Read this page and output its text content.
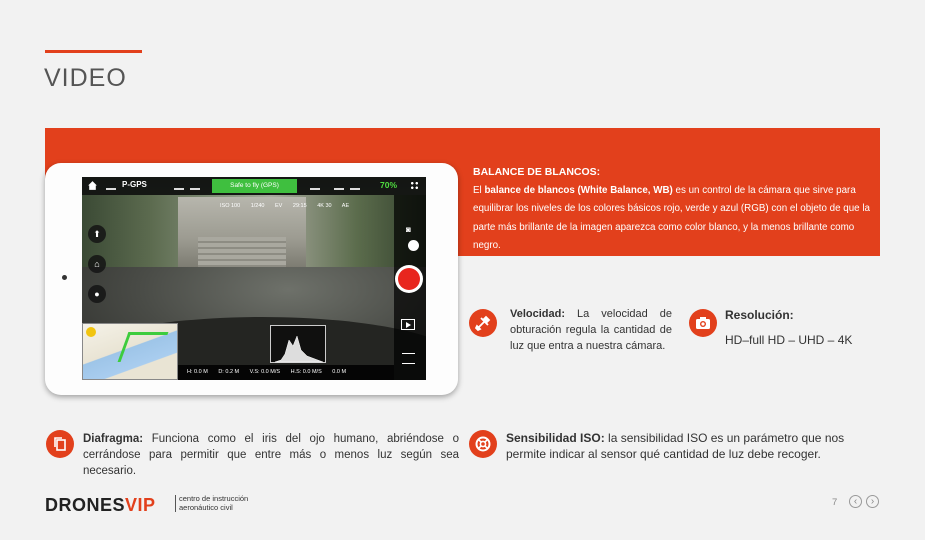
VIDEO
BALANCE DE BLANCOS:
El balance de blancos (White Balance, WB) es un control de la cámara que sirve para equilibrar los niveles de los colores básicos rojo, verde y azul (RGB) con el objeto de que la parte más brillante de la imagen aparezca como color blanco, y la menos brillante como negro.
P-GPS	Safe to fly (GPS)	70%
ISO 100 1/240 EV 29:15 4K 30 AE
⬆
⌂
●
◙
H: 0.0 M D: 0.2 M V.S: 0.0 M/S H.S: 0.0 M/S 0.0 M
Velocidad: La velocidad de obturación regula la cantidad de luz que entra a nuestra cámara.
Resolución:
HD–full HD – UHD – 4K
Diafragma: Funciona como el iris del ojo humano, abriéndose o cerrándose para permitir que entre más o menos luz según sea necesario.
Sensibilidad ISO: la sensibilidad ISO es un parámetro que nos permite indicar al sensor qué cantidad de luz debe recoger.
DRONESVIP	centro de instrucción
aeronáutico civil	7	‹	›
